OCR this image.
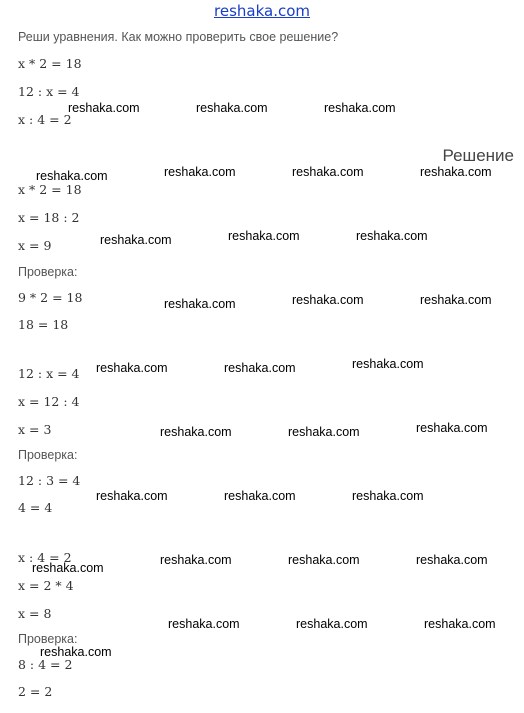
reshaka.com
Реши уравнения. Как можно проверить свое решение?
x * 2 = 18
12 : x = 4
x : 4 = 2
Решение
x * 2 = 18
x = 18 : 2
x = 9
Проверка:
9 * 2 = 18
18 = 18
12 : x = 4
x = 12 : 4
x = 3
Проверка:
12 : 3 = 4
4 = 4
x : 4 = 2
x = 2 * 4
x = 8
Проверка:
8 : 4 = 2
2 = 2
reshaka.com	reshaka.com	reshaka.com
reshaka.com	reshaka.com	reshaka.com	reshaka.com
reshaka.com	reshaka.com	reshaka.com
reshaka.com	reshaka.com	reshaka.com
reshaka.com	reshaka.com	reshaka.com
reshaka.com	reshaka.com	reshaka.com
reshaka.com	reshaka.com	reshaka.com
reshaka.com
reshaka.com	reshaka.com	reshaka.com
reshaka.com	reshaka.com	reshaka.com
reshaka.com
